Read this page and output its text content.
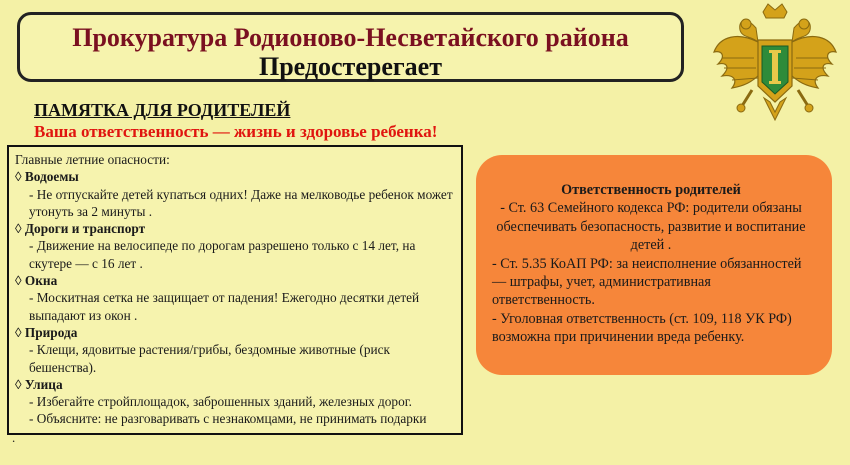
Прокуратура Родионово-Несветайского района
Предостерегает
ПАМЯТКА ДЛЯ РОДИТЕЛЕЙ
Ваша ответственность — жизнь и здоровье ребенка!
Главные летние опасности:
◊ Водоемы
- Не отпускайте детей купаться одних! Даже на мелководье ребенок может утонуть за 2 минуты .
◊ Дороги и транспорт
- Движение на велосипеде по дорогам разрешено только с 14 лет, на скутере — с 16 лет .
◊ Окна
- Москитная сетка не защищает от падения! Ежегодно десятки детей выпадают из окон .
◊ Природа
- Клещи, ядовитые растения/грибы, бездомные животные (риск бешенства).
◊ Улица
- Избегайте стройплощадок, заброшенных зданий, железных дорог.
- Объясните: не разговаривать с незнакомцами, не принимать подарки
.
Ответственность родителей
- Ст. 63 Семейного кодекса РФ: родители обязаны обеспечивать безопасность, развитие и воспитание детей .
- Ст. 5.35 КоАП РФ: за неисполнение обязанностей — штрафы, учет, административная ответственность.
- Уголовная ответственность (ст. 109, 118 УК РФ) возможна при причинении вреда ребенку.
